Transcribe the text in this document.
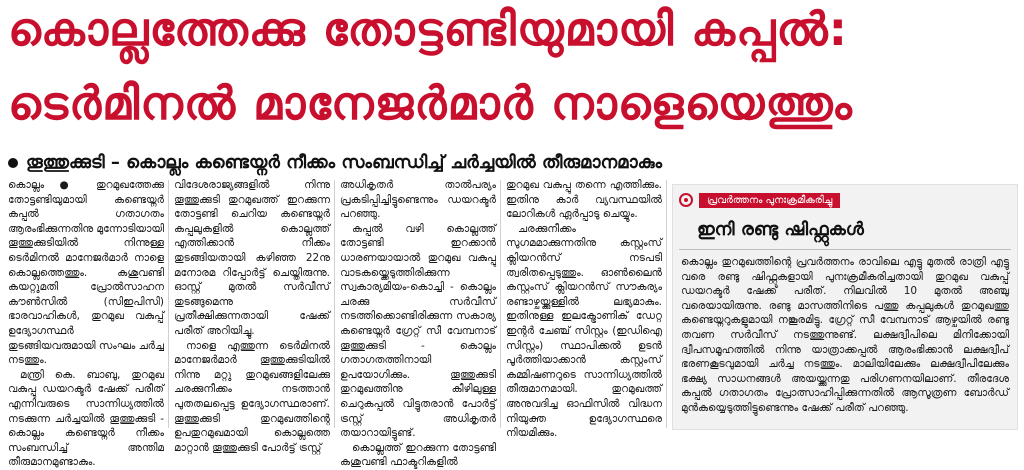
കൊല്ലത്തേക്കു തോട്ടണ്ടിയുമായി കപ്പൽ:
ടെർമിനൽ മാനേജർമാർ നാളെയെത്തും
തൂത്തുക്കുടി – കൊല്ലം കണ്ടെയ്നർ നീക്കം സംബന്ധിച്ച് ചർച്ചയിൽ തീരുമാനമാകും

കൊല്ലം ● തുറമുഖത്തേക്കു തോട്ടണ്ടിയുമായി കണ്ടെയ്നർ കപ്പൽ ഗതാഗതം ആരംഭിക്കുന്നതിനു മുന്നോടിയായി തൂത്തുക്കുടിയിൽ നിന്നുള്ള ടെർമിനൽ മാനേജർമാർ നാളെ കൊല്ലത്തെത്തും. കശുവണ്ടി കയറ്റുമതി പ്രോൽസാഹന കൗൺസിൽ (സിഇപിസി) ഭാരവാഹികൾ, തുറമുഖ വകുപ്പ് ഉദ്യോഗസ്ഥർ തുടങ്ങിയവരുമായി സംഘം ചർച്ച നടത്തും.

മന്ത്രി കെ. ബാബു, തുറമുഖ വകുപ്പു ഡയറക്ടർ ഷേക്ക് പരീത് എന്നിവരുടെ സാന്നിധ്യത്തിൽ നടക്കുന്ന ചർച്ചയിൽ തൂത്തുക്കുടി - കൊല്ലം കണ്ടെയ്നർ നീക്കം സംബന്ധിച്ച് അന്തിമ തീരുമാനമുണ്ടാകും.

വിദേശരാജ്യങ്ങളിൽ നിന്നു തൂത്തുക്കുടി തുറമുഖത്ത് ഇറക്കുന്ന തോട്ടണ്ടി ചെറിയ കണ്ടെയ്നർ കപ്പലുകളിൽ കൊല്ലത്ത് എത്തിക്കാൻ നീക്കം തുടങ്ങിയതായി കഴിഞ്ഞ 22നു മനോരമ റിപ്പോർട്ട് ചെയ്തിരുന്നു. ഓസ്റ്റ് മുതൽ സർവീസ് തുടങ്ങുമെന്നു പ്രതീക്ഷിക്കുന്നതായി ഷേക്ക് പരീത് അറിയിച്ചു.

നാളെ എത്തുന്ന ടെർമിനൽ മാനേജർമാർ തൂത്തുക്കുടിയിൽ നിന്നു മറ്റു തുറമുഖങ്ങളിലേക്കു ചരക്കുനീക്കം നടത്താൻ പുതതലപ്പെട്ട ഉദ്യോഗസ്ഥരാണ്. തൂത്തുക്കുടി തുറമുഖത്തിന്റെ ഉപതുറമുഖമായി കൊല്ലത്തെ മാറ്റാൻ തൂത്തുക്കുടി പോർട്ട് ട്രസ്റ്റ്

അധികൃതർ താൽപര്യം പ്രകടിപ്പിച്ചിട്ടുണ്ടെന്നും ഡയറക്ടർ പറഞ്ഞു.

കപ്പൽ വഴി കൊല്ലത്ത് തോട്ടണ്ടി ഇറക്കാൻ ധാരണയായാൽ തുറമുഖ വകുപ്പു വാടകയ്ക്കെടുത്തിരിക്കുന്ന സ്വകാര്യമിയം-കൊച്ചി - കൊല്ലം ചരക്കു സർവീസ് നടത്തിക്കൊണ്ടിരിക്കുന്ന സകാര്യ കണ്ടെയ്നർ ഗ്രേറ്റ് സീ വേമ്പനാട് തൂത്തുക്കുടി - കൊല്ലം ഗതാഗതത്തിനായി ഉപയോഗിക്കും. തൂത്തുക്കുടി തുറമുഖത്തിനു കീഴിലുള്ള ചെറുകപ്പൽ വിട്ടുതരാൻ പോർട്ട് ട്രസ്റ്റ് അധികൃതർ തയാറായിട്ടുണ്ട്.

കൊല്ലത്ത് ഇറക്കുന്ന തോട്ടണ്ടി കശുവണ്ടി ഫാക്ടറികളിൽ

തുറമുഖ വകുപ്പു തന്നെ എത്തിക്കും. ഇതിനു കാർ വ്യവസ്ഥയിൽ ലോറികൾ ഏർപ്പാടു ചെയ്യും.

ചരക്കുനീക്കം സുഗമമാക്കുന്നതിനു കസ്റ്റംസ് ക്ലിയറൻസ് നടപടി ത്വരിതപ്പെടുത്തും. ഓൺലൈൻ കസ്റ്റംസ് ക്ലിയറൻസ് സൗകര്യം രണ്ടാഴ്ചയ്ക്കുള്ളിൽ ലഭ്യമാകും. ഇതിനുള്ള ഇലക്ട്രോണിക് ഡേറ്റ ഇന്റർ ചേഞ്ച് സിസ്റ്റം (ഇഡിഐ സിസ്റ്റം) സ്ഥാപിക്കൽ ഉടൻ പൂർത്തിയാക്കാൻ കസ്റ്റംസ് കമ്മിഷണറുടെ സാന്നിധ്യത്തിൽ തീരുമാനമായി. തുറമുഖത്ത് അനുവദിച്ച ഓഫിസിൽ വിദ്ധന നിയുക്ത ഉദ്യോഗസ്ഥരെ നിയമിക്കും.

പ്രവർത്തനം പുനഃക്രമീകരിച്ചു
ഇനി രണ്ടു ഷിഫ്റ്റുകൾ
കൊല്ലം തുറമുഖത്തിന്റെ പ്രവർത്തനം രാവിലെ എട്ടു മുതൽ രാത്രി എട്ടു വരെ രണ്ടു ഷിഫ്റ്റുകളായി പുനഃക്രമീകരിച്ചതായി തുറമുഖ വകുപ്പ് ഡയറക്ടർ ഷേക്ക് പരീത്. നിലവിൽ 10 മുതൽ അഞ്ചു വരെയായിരുന്നു. രണ്ടു മാസത്തിനിടെ പത്തു കപ്പലുകൾ തുറമുഖത്തു കണ്ടെയ്നറുകളുമായി നങ്കൂരമിട്ടു. ഗ്രേറ്റ് സീ വേമ്പനാട് ആഴ്ചയിൽ രണ്ടു തവണ സർവീസ് നടത്തുന്നുണ്ട്. ലക്ഷദ്വീപിലെ മിനിക്കോയി ദ്വീപസമൂഹത്തിൽ നിന്നു യാത്രാക്കപ്പൽ ആരംഭിക്കാൻ ലക്ഷദ്വീപ് ഭരണകൂടവുമായി ചർച്ച നടത്തും. മാലിയിലേക്കും ലക്ഷദ്വീപിലേക്കും ഭക്ഷ്യ സാധനങ്ങൾ അയയ്ക്കുന്നതു പരിഗണനയിലാണ്. തീരദേശ കപ്പൽ ഗതാഗതം പ്രോത്സാഹിപ്പിക്കുന്നതിൽ ആസൂത്രണ ബോർഡ് മുൻകയ്യെടുത്തിട്ടുണ്ടെന്നും ഷേക്ക് പരീത് പറഞ്ഞു.
